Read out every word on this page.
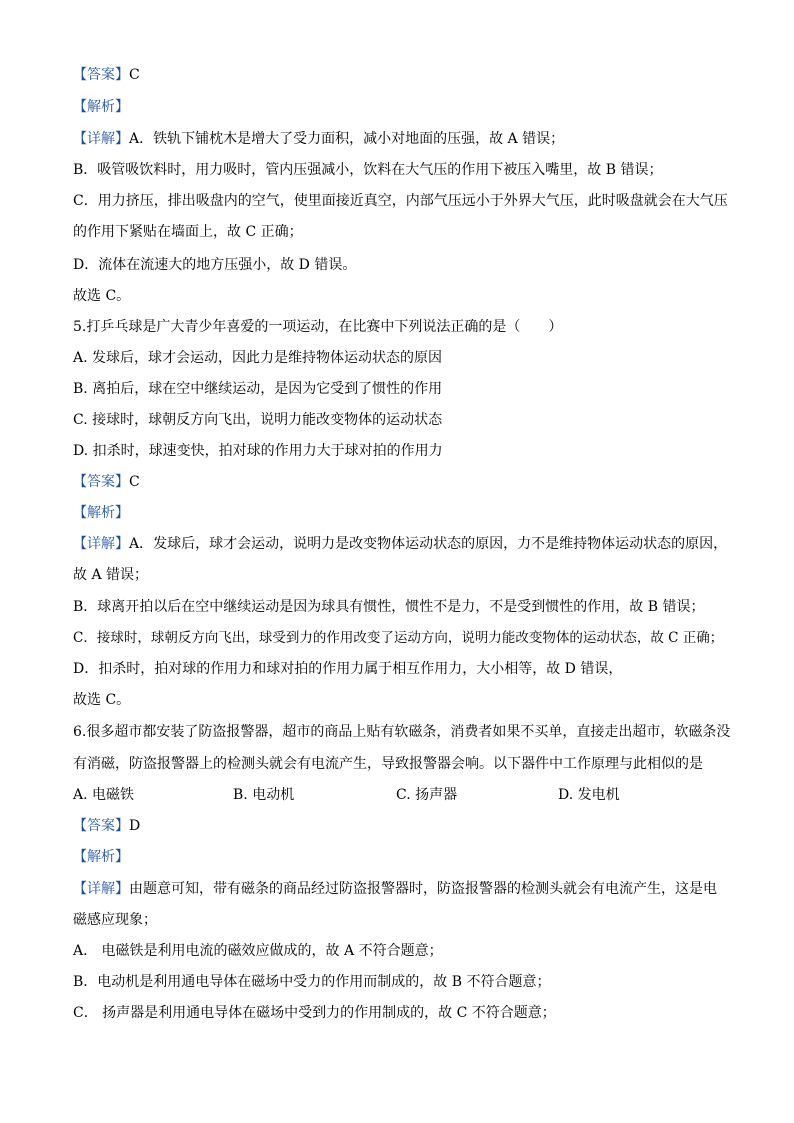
【答案】C
【解析】
【详解】A．铁轨下铺枕木是增大了受力面积，减小对地面的压强，故 A 错误；
B．吸管吸饮料时，用力吸时，管内压强减小，饮料在大气压的作用下被压入嘴里，故 B 错误；
C．用力挤压，排出吸盘内的空气，使里面接近真空，内部气压远小于外界大气压，此时吸盘就会在大气压
的作用下紧贴在墙面上，故 C 正确；
D．流体在流速大的地方压强小，故 D 错误。
故选 C。
5.打乒乓球是广大青少年喜爱的一项运动，在比赛中下列说法正确的是（　　）
A. 发球后，球才会运动，因此力是维持物体运动状态的原因
B. 离拍后，球在空中继续运动，是因为它受到了惯性的作用
C. 接球时，球朝反方向飞出，说明力能改变物体的运动状态
D. 扣杀时，球速变快，拍对球的作用力大于球对拍的作用力
【答案】C
【解析】
【详解】A．发球后，球才会运动，说明力是改变物体运动状态的原因，力不是维持物体运动状态的原因，
故 A 错误；
B．球离开拍以后在空中继续运动是因为球具有惯性，惯性不是力，不是受到惯性的作用，故 B 错误；
C．接球时，球朝反方向飞出，球受到力的作用改变了运动方向，说明力能改变物体的运动状态，故 C 正确；
D．扣杀时，拍对球的作用力和球对拍的作用力属于相互作用力，大小相等，故 D 错误，
故选 C。
6.很多超市都安装了防盗报警器，超市的商品上贴有软磁条，消费者如果不买单，直接走出超市，软磁条没
有消磁，防盗报警器上的检测头就会有电流产生，导致报警器会响。以下器件中工作原理与此相似的是
A. 电磁铁	B. 电动机	C. 扬声器	D. 发电机
【答案】D
【解析】
【详解】由题意可知，带有磁条的商品经过防盗报警器时，防盗报警器的检测头就会有电流产生，这是电
磁感应现象；
A． 电磁铁是利用电流的磁效应做成的，故 A 不符合题意；
B．电动机是利用通电导体在磁场中受力的作用而制成的，故 B 不符合题意；
C． 扬声器是利用通电导体在磁场中受到力的作用制成的，故 C 不符合题意；
